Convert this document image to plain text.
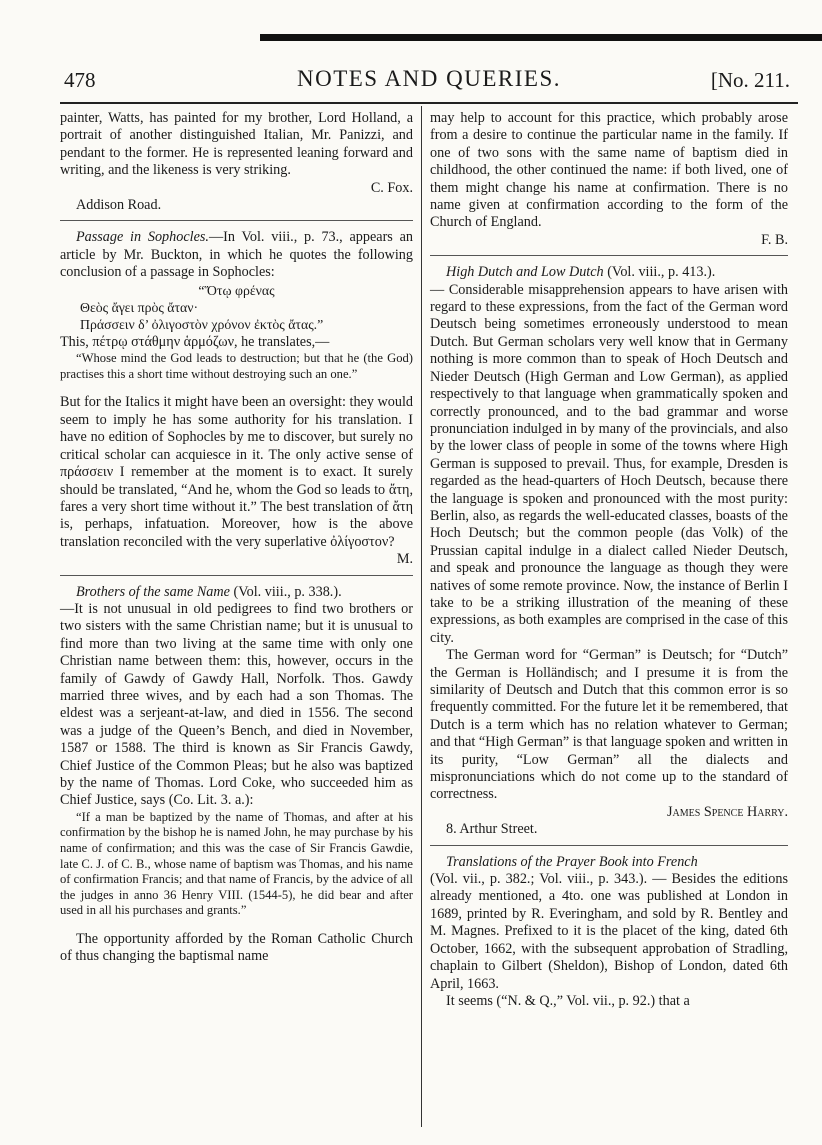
478	NOTES AND QUERIES.	[No. 211.

painter, Watts, has painted for my brother, Lord Holland, a portrait of another distinguished Italian, Mr. Panizzi, and pendant to the former. He is represented leaning forward and writing, and the likeness is very striking.

C. Fox.

Addison Road.

Passage in Sophocles.—In Vol. viii., p. 73., appears an article by Mr. Buckton, in which he quotes the following conclusion of a passage in Sophocles:

“Ὅτῳ φρένας

Θεὸς ἄγει πρὸς ἄταν·

Πράσσειν δ’ ὀλιγοστὸν χρόνον ἐκτὸς ἄτας.”

This, πέτρῳ στάθμην ἁρμόζων, he translates,—

“Whose mind the God leads to destruction; but that he (the God) practises this a short time without destroying such an one.”

But for the Italics it might have been an oversight: they would seem to imply he has some authority for his translation. I have no edition of Sophocles by me to discover, but surely no critical scholar can acquiesce in it. The only active sense of πράσσειν I remember at the moment is to exact. It surely should be translated, “And he, whom the God so leads to ἄτη, fares a very short time without it.” The best translation of ἄτη is, perhaps, infatuation. Moreover, how is the above translation reconciled with the very superlative ὀλίγοστον?

M.

Brothers of the same Name (Vol. viii., p. 338.).

—It is not unusual in old pedigrees to find two brothers or two sisters with the same Christian name; but it is unusual to find more than two living at the same time with only one Christian name between them: this, however, occurs in the family of Gawdy of Gawdy Hall, Norfolk. Thos. Gawdy married three wives, and by each had a son Thomas. The eldest was a serjeant-at-law, and died in 1556. The second was a judge of the Queen’s Bench, and died in November, 1587 or 1588. The third is known as Sir Francis Gawdy, Chief Justice of the Common Pleas; but he also was baptized by the name of Thomas. Lord Coke, who succeeded him as Chief Justice, says (Co. Lit. 3. a.):

“If a man be baptized by the name of Thomas, and after at his confirmation by the bishop he is named John, he may purchase by his name of confirmation; and this was the case of Sir Francis Gawdie, late C. J. of C. B., whose name of baptism was Thomas, and his name of confirmation Francis; and that name of Francis, by the advice of all the judges in anno 36 Henry VIII. (1544-5), he did bear and after used in all his purchases and grants.”

The opportunity afforded by the Roman Catholic Church of thus changing the baptismal name

may help to account for this practice, which probably arose from a desire to continue the particular name in the family. If one of two sons with the same name of baptism died in childhood, the other continued the name: if both lived, one of them might change his name at confirmation. There is no name given at confirmation according to the form of the Church of England.

F. B.

High Dutch and Low Dutch (Vol. viii., p. 413.).

— Considerable misapprehension appears to have arisen with regard to these expressions, from the fact of the German word Deutsch being sometimes erroneously understood to mean Dutch. But German scholars very well know that in Germany nothing is more common than to speak of Hoch Deutsch and Nieder Deutsch (High German and Low German), as applied respectively to that language when grammatically spoken and correctly pronounced, and to the bad grammar and worse pronunciation indulged in by many of the provincials, and also by the lower class of people in some of the towns where High German is supposed to prevail. Thus, for example, Dresden is regarded as the head-quarters of Hoch Deutsch, because there the language is spoken and pronounced with the most purity: Berlin, also, as regards the well-educated classes, boasts of the Hoch Deutsch; but the common people (das Volk) of the Prussian capital indulge in a dialect called Nieder Deutsch, and speak and pronounce the language as though they were natives of some remote province. Now, the instance of Berlin I take to be a striking illustration of the meaning of these expressions, as both examples are comprised in the case of this city.

The German word for “German” is Deutsch; for “Dutch” the German is Holländisch; and I presume it is from the similarity of Deutsch and Dutch that this common error is so frequently committed. For the future let it be remembered, that Dutch is a term which has no relation whatever to German; and that “High German” is that language spoken and written in its purity, “Low German” all the dialects and mispronunciations which do not come up to the standard of correctness.

James Spence Harry.

8. Arthur Street.

Translations of the Prayer Book into French

(Vol. vii., p. 382.; Vol. viii., p. 343.). — Besides the editions already mentioned, a 4to. one was published at London in 1689, printed by R. Everingham, and sold by R. Bentley and M. Magnes. Prefixed to it is the placet of the king, dated 6th October, 1662, with the subsequent approbation of Stradling, chaplain to Gilbert (Sheldon), Bishop of London, dated 6th April, 1663.

It seems (“N. & Q.,” Vol. vii., p. 92.) that a
